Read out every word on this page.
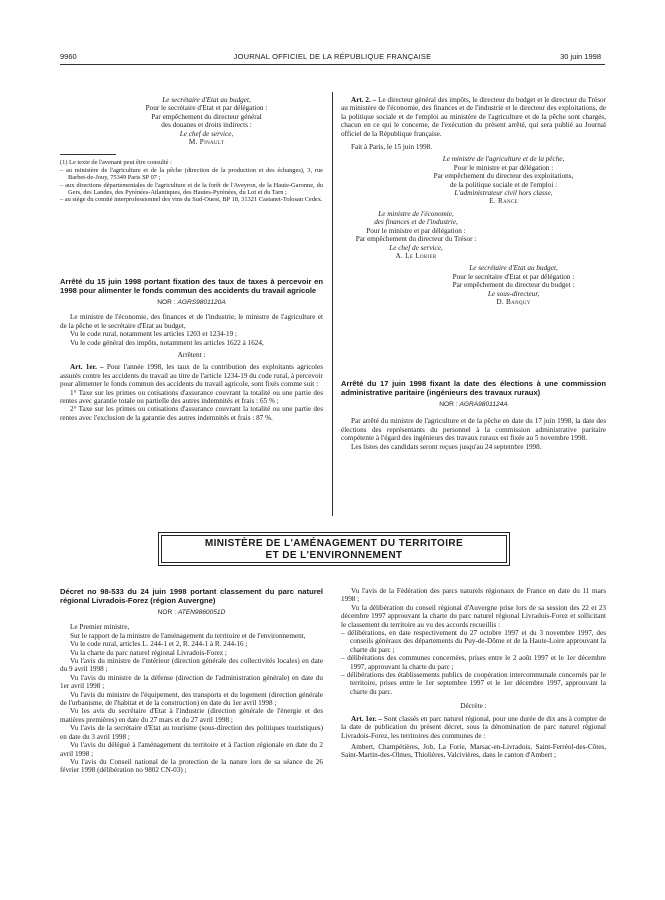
9960	JOURNAL OFFICIEL DE LA RÉPUBLIQUE FRANÇAISE	30 juin 1998

Le secrétaire d'Etat au budget,

Pour le secrétaire d'Etat et par délégation :

Par empêchement du directeur général

des douanes et droits indirects :

Le chef de service,

M. Pinault

(1) Le texte de l'avenant peut être consulté :

– au ministère de l'agriculture et de la pêche (direction de la production et des échanges), 3, rue Barbet-de-Jouy, 75349 Paris SP 07 ;

– aux directions départementales de l'agriculture et de la forêt de l'Aveyron, de la Haute-Garonne, du Gers, des Landes, des Pyrénées-Atlantiques, des Hautes-Pyrénées, du Lot et du Tarn ;

– au siège du comité interprofessionnel des vins du Sud-Ouest, BP 18, 31321 Castanet-Tolosan Cedex.

Arrêté du 15 juin 1998 portant fixation des taux de taxes à percevoir en 1998 pour alimenter le fonds commun des accidents du travail agricole

NOR : AGRS9801120A

Le ministre de l'économie, des finances et de l'industrie, le ministre de l'agriculture et de la pêche et le secrétaire d'Etat au budget,

Vu le code rural, notamment les articles 1203 et 1234-19 ;

Vu le code général des impôts, notamment les articles 1622 à 1624,

Arrêtent :

Art. 1er. – Pour l'année 1998, les taux de la contribution des exploitants agricoles assurés contre les accidents du travail au titre de l'article 1234-19 du code rural, à percevoir pour alimenter le fonds commun des accidents du travail agricole, sont fixés comme suit :

1° Taxe sur les primes ou cotisations d'assurance couvrant la totalité ou une partie des rentes avec garantie totale ou partielle des autres indemnités et frais : 65 % ;

2° Taxe sur les primes ou cotisations d'assurance couvrant la totalité ou une partie des rentes avec l'exclusion de la garantie des autres indemnités et frais : 87 %.

Art. 2. – Le directeur général des impôts, le directeur du budget et le directeur du Trésor au ministère de l'économie, des finances et de l'industrie et le directeur des exploitations, de la politique sociale et de l'emploi au ministère de l'agriculture et de la pêche sont chargés, chacun en ce qui le concerne, de l'exécution du présent arrêté, qui sera publié au Journal officiel de la République française.

Fait à Paris, le 15 juin 1998.

Le ministre de l'agriculture et de la pêche,

Pour le ministre et par délégation :

Par empêchement du directeur des exploitations,

de la politique sociale et de l'emploi :

L'administrateur civil hors classe,

E. Rance

Le ministre de l'économie,

des finances et de l'industrie,

Pour le ministre et par délégation :

Par empêchement du directeur du Trésor :

Le chef de service,

A. Le Lorier

Le secrétaire d'Etat au budget,

Pour le secrétaire d'Etat et par délégation :

Par empêchement du directeur du budget :

Le sous-directeur,

D. Banquy

Arrêté du 17 juin 1998 fixant la date des élections à une commission administrative paritaire (ingénieurs des travaux ruraux)

NOR : AGRA9801124A

Par arrêté du ministre de l'agriculture et de la pêche en date du 17 juin 1998, la date des élections des représentants du personnel à la commission administrative paritaire compétente à l'égard des ingénieurs des travaux ruraux est fixée au 5 novembre 1998.

Les listes des candidats seront reçues jusqu'au 24 septembre 1998.

MINISTÈRE DE L'AMÉNAGEMENT DU TERRITOIRE
ET DE L'ENVIRONNEMENT

Décret no 98-533 du 24 juin 1998 portant classement du parc naturel régional Livradois-Forez (région Auvergne)

NOR : ATEN9860051D

Le Premier ministre,

Sur le rapport de la ministre de l'aménagement du territoire et de l'environnement,

Vu le code rural, articles L. 244-1 et 2, R. 244-1 à R. 244-16 ;

Vu la charte du parc naturel régional Livradois-Forez ;

Vu l'avis du ministre de l'intérieur (direction générale des collectivités locales) en date du 9 avril 1998 ;

Vu l'avis du ministre de la défense (direction de l'administration générale) en date du 1er avril 1998 ;

Vu l'avis du ministre de l'équipement, des transports et du logement (direction générale de l'urbanisme, de l'habitat et de la construction) en date du 1er avril 1998 ;

Vu les avis du secrétaire d'Etat à l'industrie (direction générale de l'énergie et des matières premières) en date du 27 mars et du 27 avril 1998 ;

Vu l'avis de la secrétaire d'Etat au tourisme (sous-direction des politiques touristiques) en date du 3 avril 1998 ;

Vu l'avis du délégué à l'aménagement du territoire et à l'action régionale en date du 2 avril 1998 ;

Vu l'avis du Conseil national de la protection de la nature lors de sa séance du 26 février 1998 (délibération no 9802 CN-03) ;

Vu l'avis de la Fédération des parcs naturels régionaux de France en date du 11 mars 1998 ;

Vu la délibération du conseil régional d'Auvergne prise lors de sa session des 22 et 23 décembre 1997 approuvant la charte du parc naturel régional Livradois-Forez et sollicitant le classement du territoire au vu des accords recueillis :

– délibérations, en date respectivement du 27 octobre 1997 et du 3 novembre 1997, des conseils généraux des départements du Puy-de-Dôme et de la Haute-Loire approuvant la charte du parc ;

– délibérations des communes concernées, prises entre le 2 août 1997 et le 1er décembre 1997, approuvant la charte du parc ;

– délibérations des établissements publics de coopération intercommunale concernés par le territoire, prises entre le 1er septembre 1997 et le 1er décembre 1997, approuvant la charte du parc.

Décrète :

Art. 1er. – Sont classés en parc naturel régional, pour une durée de dix ans à compter de la date de publication du présent décret, sous la dénomination de parc naturel régional Livradois-Forez, les territoires des communes de :

Ambert, Champétières, Job, La Forie, Marsac-en-Livradois, Saint-Ferréol-des-Côtes, Saint-Martin-des-Olmes, Thiolières, Valcivières, dans le canton d'Ambert ;
